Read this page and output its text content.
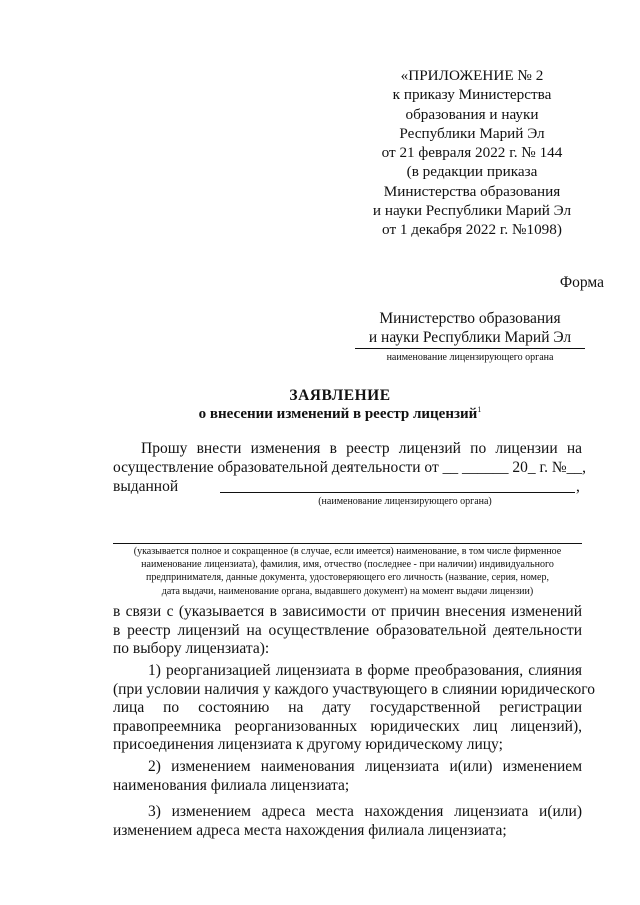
«ПРИЛОЖЕНИЕ № 2
к приказу Министерства
образования и науки
Республики Марий Эл
от 21 февраля 2022 г. № 144
(в редакции приказа
Министерства образования
и науки Республики Марий Эл
от 1 декабря 2022 г. №1098)
Форма
Министерство образования
и науки Республики Марий Эл
наименование лицензирующего органа
ЗАЯВЛЕНИЕ
о внесении изменений в реестр лицензий$^1$
Прошу внести изменения в реестр лицензий по лицензии на
осуществление образовательной деятельности от __ ______ 20_ г. №__,
выданной	,
(наименование лицензирующего органа)
(указывается полное и сокращенное (в случае, если имеется) наименование, в том числе фирменное
наименование лицензиата), фамилия, имя, отчество (последнее - при наличии) индивидуального
предпринимателя, данные документа, удостоверяющего его личность (название, серия, номер,
дата выдачи, наименование органа, выдавшего документ) на момент выдачи лицензии)
в связи с (указывается в зависимости от причин внесения изменений
в реестр лицензий на осуществление образовательной деятельности
по выбору лицензиата):
1) реорганизацией лицензиата в форме преобразования, слияния
(при условии наличия у каждого участвующего в слиянии юридического
лица по состоянию на дату государственной регистрации
правопреемника реорганизованных юридических лиц лицензий),
присоединения лицензиата к другому юридическому лицу;
2) изменением наименования лицензиата и(или) изменением
наименования филиала лицензиата;
3) изменением адреса места нахождения лицензиата и(или)
изменением адреса места нахождения филиала лицензиата;
